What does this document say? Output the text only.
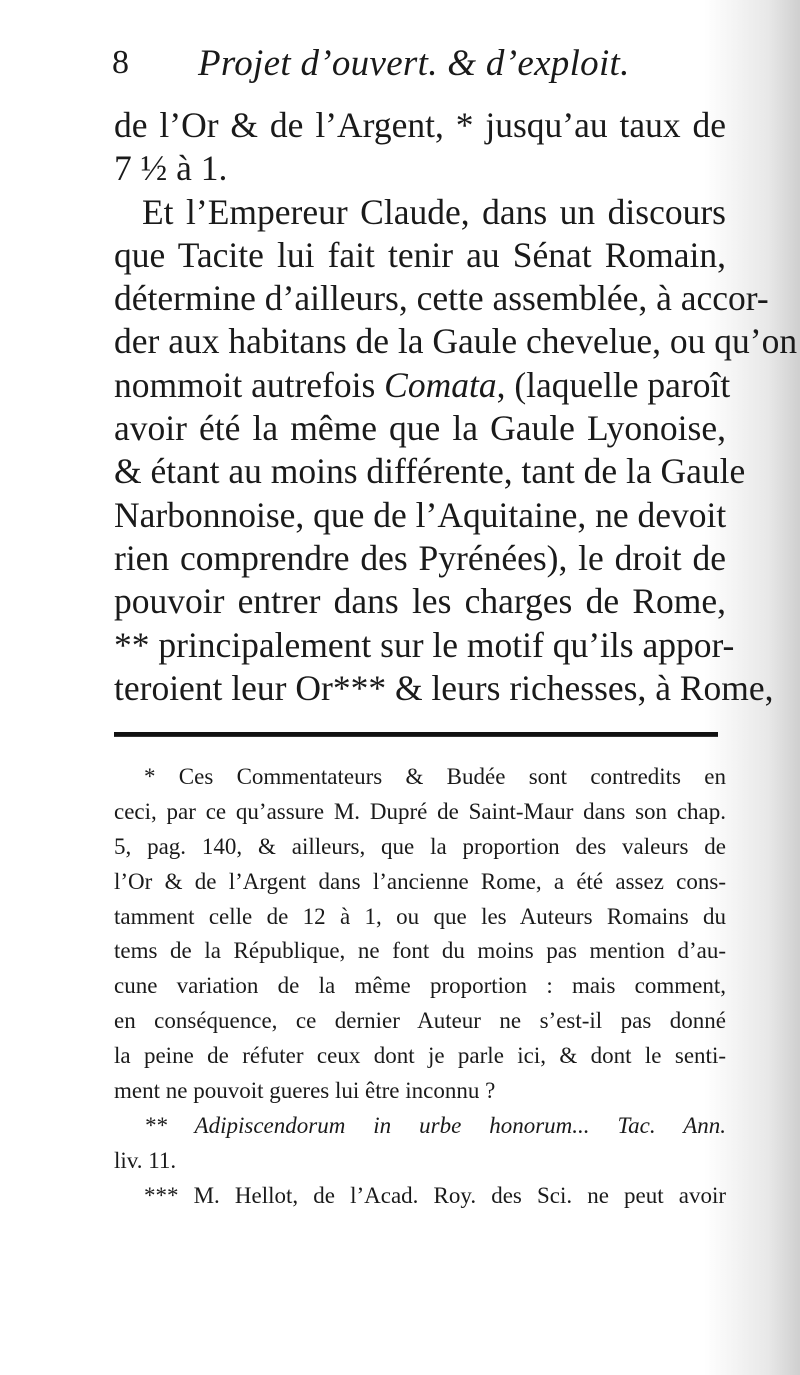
8 Projet d’ouvert. & d’exploit.
de l’Or & de l’Argent, * jusqu’au taux de
7 ½ à 1.
Et l’Empereur Claude, dans un discours
que Tacite lui fait tenir au Sénat Romain,
détermine d’ailleurs, cette assemblée, à accor-
der aux habitans de la Gaule chevelue, ou qu’on
nommoit autrefois Comata, (laquelle paroît
avoir été la même que la Gaule Lyonoise,
& étant au moins différente, tant de la Gaule
Narbonnoise, que de l’Aquitaine, ne devoit
rien comprendre des Pyrénées), le droit de
pouvoir entrer dans les charges de Rome,
** principalement sur le motif qu’ils appor-
teroient leur Or*** & leurs richesses, à Rome,
* Ces Commentateurs & Budée sont contredits en
ceci, par ce qu’assure M. Dupré de Saint-Maur dans son chap.
5, pag. 140, & ailleurs, que la proportion des valeurs de
l’Or & de l’Argent dans l’ancienne Rome, a été assez cons-
tamment celle de 12 à 1, ou que les Auteurs Romains du
tems de la République, ne font du moins pas mention d’au-
cune variation de la même proportion : mais comment,
en conséquence, ce dernier Auteur ne s’est-il pas donné
la peine de réfuter ceux dont je parle ici, & dont le senti-
ment ne pouvoit gueres lui être inconnu ?
** Adipiscendorum in urbe honorum... Tac. Ann.
liv. 11.
*** M. Hellot, de l’Acad. Roy. des Sci. ne peut avoir
